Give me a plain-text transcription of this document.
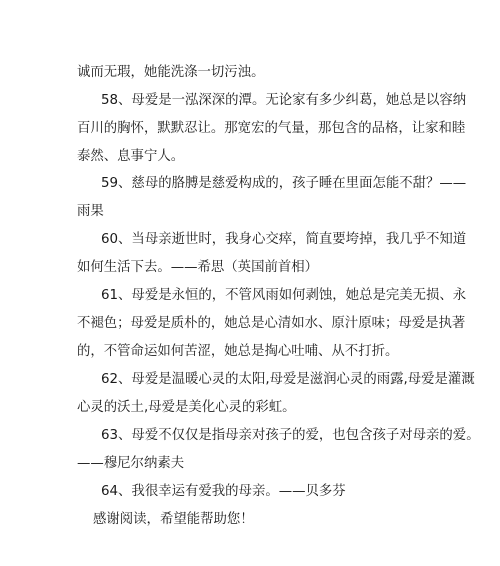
诚而无瑕，她能洗涤一切污浊。
58、母爱是一泓深深的潭。无论家有多少纠葛，她总是以容纳
百川的胸怀，默默忍让。那宽宏的气量，那包含的品格，让家和睦
泰然、息事宁人。
59、慈母的胳膊是慈爱构成的，孩子睡在里面怎能不甜？——
雨果
60、当母亲逝世时，我身心交瘁，简直要垮掉，我几乎不知道
如何生活下去。——希思（英国前首相）
61、母爱是永恒的，不管风雨如何剥蚀，她总是完美无损、永
不褪色；母爱是质朴的，她总是心清如水、原汁原味；母爱是执著
的，不管命运如何苦涩，她总是掏心吐哺、从不打折。
62、母爱是温暖心灵的太阳,母爱是滋润心灵的雨露,母爱是灌溉
心灵的沃土,母爱是美化心灵的彩虹。
63、母爱不仅仅是指母亲对孩子的爱，也包含孩子对母亲的爱。
——穆尼尔纳素夫
64、我很幸运有爱我的母亲。——贝多芬
感谢阅读，希望能帮助您！
